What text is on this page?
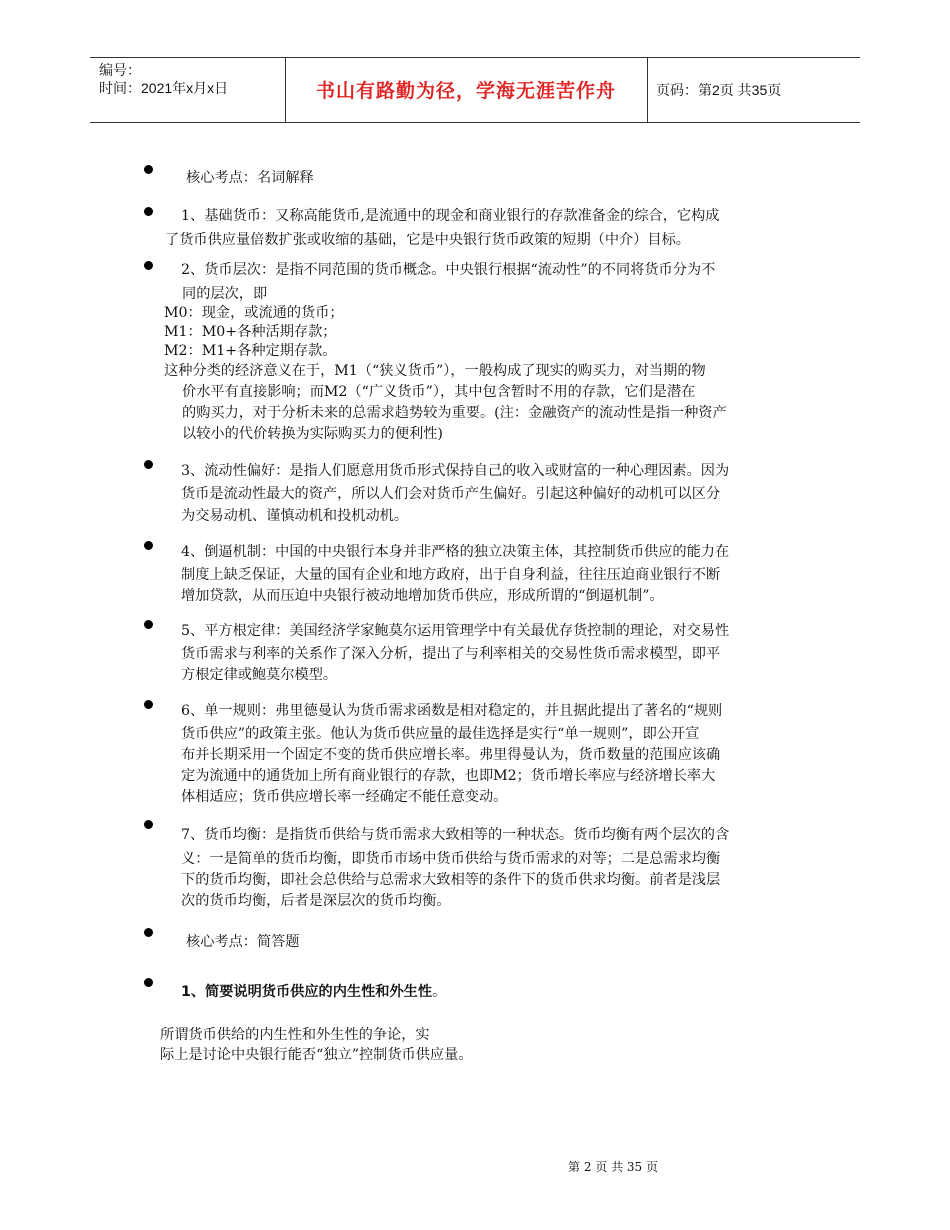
编号：
时间：2021年x月x日	书山有路勤为径，学海无涯苦作舟	页码：第2页 共35页
核心考点：名词解释
1、基础货币：又称高能货币,是流通中的现金和商业银行的存款准备金的综合，它构成
了货币供应量倍数扩张或收缩的基础，它是中央银行货币政策的短期（中介）目标。
2、货币层次：是指不同范围的货币概念。中央银行根据“流动性”的不同将货币分为不
同的层次，即
M0：现金，或流通的货币；
M1：M0+各种活期存款；
M2：M1+各种定期存款。
这种分类的经济意义在于，M1（“狭义货币”），一般构成了现实的购买力，对当期的物
价水平有直接影响；而M2（“广义货币”），其中包含暂时不用的存款，它们是潜在
的购买力，对于分析未来的总需求趋势较为重要。(注：金融资产的流动性是指一种资产
以较小的代价转换为实际购买力的便利性)
3、流动性偏好：是指人们愿意用货币形式保持自己的收入或财富的一种心理因素。因为
货币是流动性最大的资产，所以人们会对货币产生偏好。引起这种偏好的动机可以区分
为交易动机、谨慎动机和投机动机。
4、倒逼机制：中国的中央银行本身并非严格的独立决策主体，其控制货币供应的能力在
制度上缺乏保证，大量的国有企业和地方政府，出于自身利益，往往压迫商业银行不断
增加贷款，从而压迫中央银行被动地增加货币供应，形成所谓的“倒逼机制”。
5、平方根定律：美国经济学家鲍莫尔运用管理学中有关最优存货控制的理论，对交易性
货币需求与利率的关系作了深入分析，提出了与利率相关的交易性货币需求模型，即平
方根定律或鲍莫尔模型。
6、单一规则：弗里德曼认为货币需求函数是相对稳定的，并且据此提出了著名的“规则
货币供应”的政策主张。他认为货币供应量的最佳选择是实行“单一规则”，即公开宣
布并长期采用一个固定不变的货币供应增长率。弗里得曼认为，货币数量的范围应该确
定为流通中的通货加上所有商业银行的存款，也即M2；货币增长率应与经济增长率大
体相适应；货币供应增长率一经确定不能任意变动。
7、货币均衡：是指货币供给与货币需求大致相等的一种状态。货币均衡有两个层次的含
义：一是简单的货币均衡，即货币市场中货币供给与货币需求的对等；二是总需求均衡
下的货币均衡，即社会总供给与总需求大致相等的条件下的货币供求均衡。前者是浅层
次的货币均衡，后者是深层次的货币均衡。
核心考点：简答题
1、简要说明货币供应的内生性和外生性。
所谓货币供给的内生性和外生性的争论，实
际上是讨论中央银行能否“独立”控制货币供应量。
第 2 页 共 35 页
